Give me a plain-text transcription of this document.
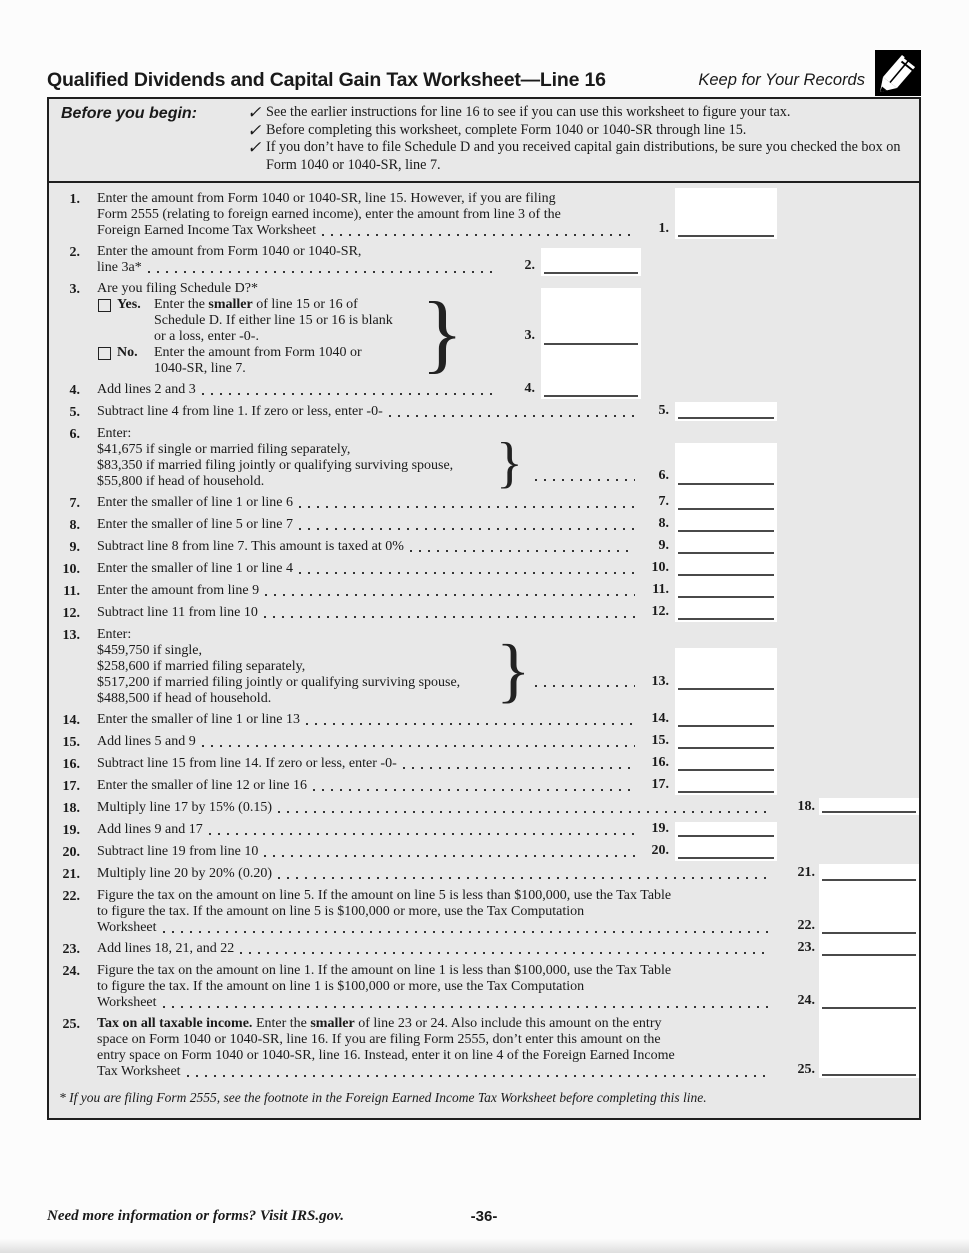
Qualified Dividends and Capital Gain Tax Worksheet—Line 16	Keep for Your Records
Before you begin:	✓ See the earlier instructions for line 16 to see if you can use this worksheet to figure your tax.
✓ Before completing this worksheet, complete Form 1040 or 1040-SR through line 15.
✓ If you don’t have to file Schedule D and you received capital gain distributions, be sure you checked the box on Form 1040 or 1040-SR, line 7.
1.	Enter the amount from Form 1040 or 1040-SR, line 15. However, if you are filing
Form 2555 (relating to foreign earned income), enter the amount from line 3 of the
Foreign Earned Income Tax Worksheet	1.
2.	Enter the amount from Form 1040 or 1040-SR,
line 3a*	2.
3.	Are you filing Schedule D?*
Yes. Enter the smaller of line 15 or 16 of
Schedule D. If either line 15 or 16 is blank
or a loss, enter -0-.
No.	Enter the amount from Form 1040 or
1040-SR, line 7.	}	3.
4.	Add lines 2 and 3	4.
5.	Subtract line 4 from line 1. If zero or less, enter -0-	5.
6.	Enter:
$41,675 if single or married filing separately,
$83,350 if married filing jointly or qualifying surviving spouse,
$55,800 if head of household.	}	6.
7.	Enter the smaller of line 1 or line 6	7.
8.	Enter the smaller of line 5 or line 7	8.
9.	Subtract line 8 from line 7. This amount is taxed at 0%	9.
10.	Enter the smaller of line 1 or line 4	10.
11.	Enter the amount from line 9	11.
12.	Subtract line 11 from line 10	12.
13.	Enter:
$459,750 if single,
$258,600 if married filing separately,
$517,200 if married filing jointly or qualifying surviving spouse,
$488,500 if head of household.	}	13.
14.	Enter the smaller of line 1 or line 13	14.
15.	Add lines 5 and 9	15.
16.	Subtract line 15 from line 14. If zero or less, enter -0-	16.
17.	Enter the smaller of line 12 or line 16	17.
18.	Multiply line 17 by 15% (0.15)	18.
19.	Add lines 9 and 17	19.
20.	Subtract line 19 from line 10	20.
21.	Multiply line 20 by 20% (0.20)	21.
22.	Figure the tax on the amount on line 5. If the amount on line 5 is less than $100,000, use the Tax Table
to figure the tax. If the amount on line 5 is $100,000 or more, use the Tax Computation
Worksheet	22.
23.	Add lines 18, 21, and 22	23.
24.	Figure the tax on the amount on line 1. If the amount on line 1 is less than $100,000, use the Tax Table
to figure the tax. If the amount on line 1 is $100,000 or more, use the Tax Computation
Worksheet	24.
25.	Tax on all taxable income. Enter the smaller of line 23 or 24. Also include this amount on the entry
space on Form 1040 or 1040-SR, line 16. If you are filing Form 2555, don’t enter this amount on the
entry space on Form 1040 or 1040-SR, line 16. Instead, enter it on line 4 of the Foreign Earned Income
Tax Worksheet	25.
* If you are filing Form 2555, see the footnote in the Foreign Earned Income Tax Worksheet before completing this line.
Need more information or forms? Visit IRS.gov.	-36-
